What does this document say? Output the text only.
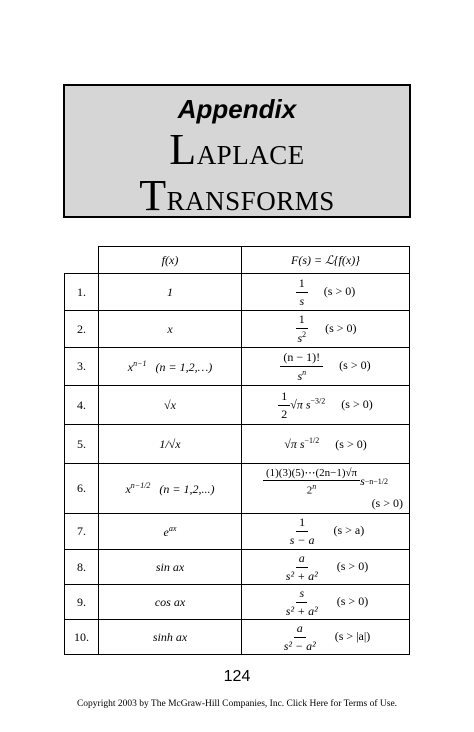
Appendix
LAPLACE
TRANSFORMS
	f(x)	F(s) = ℒ{f(x)}
1.	1	$\frac{1}{s} (s > 0)$
2.	x	$\frac{1}{s^2} (s > 0)$
3.	$x^{n-1}$ (n = 1,2,…)	$\frac{(n - 1)!}{s^n} (s > 0)$
4.	√x	$\frac{1}{2} √\pi$ $s^{-3/2}$ (s > 0)
5.	1/√x	√π $s^{-1/2}$ (s > 0)
6.	$x^{n-1/2}$ (n = 1,2,...)	$\frac{(1)(3)(5)\cdots(2n-1)√\pi}{2^n}$ s −n−1/2
(s > 0)

7.	$e^{ax}$	$\frac{1}{s - a} (s > a)$
8.	sin ax	$\frac{a}{\text{s² + a²}} (s > 0)$
9.	cos ax	$\frac{s}{\text{s² + a²}} (s > 0)$
10.	sinh ax	$\frac{a}{\text{s² − a²}} (s > |a|)$
124
Copyright 2003 by The McGraw-Hill Companies, Inc. Click Here for Terms of Use.
